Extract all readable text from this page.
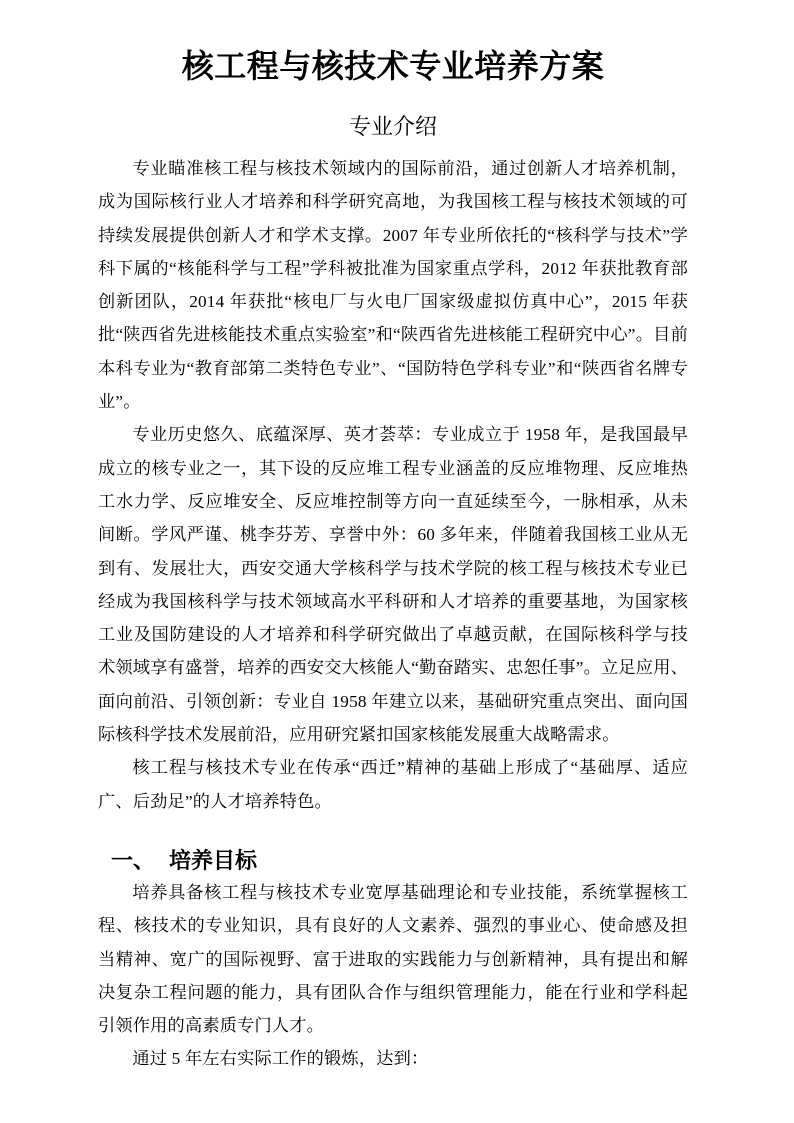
核工程与核技术专业培养方案
专业介绍

专业瞄准核工程与核技术领域内的国际前沿，通过创新人才培养机制，成为国际核行业人才培养和科学研究高地，为我国核工程与核技术领域的可持续发展提供创新人才和学术支撑。2007 年专业所依托的“核科学与技术”学科下属的“核能科学与工程”学科被批准为国家重点学科，2012 年获批教育部创新团队，2014 年获批“核电厂与火电厂国家级虚拟仿真中心”，2015 年获批“陕西省先进核能技术重点实验室”和“陕西省先进核能工程研究中心”。目前本科专业为“教育部第二类特色专业”、“国防特色学科专业”和“陕西省名牌专业”。

专业历史悠久、底蕴深厚、英才荟萃：专业成立于 1958 年，是我国最早成立的核专业之一，其下设的反应堆工程专业涵盖的反应堆物理、反应堆热工水力学、反应堆安全、反应堆控制等方向一直延续至今，一脉相承，从未间断。学风严谨、桃李芬芳、享誉中外：60 多年来，伴随着我国核工业从无到有、发展壮大，西安交通大学核科学与技术学院的核工程与核技术专业已经成为我国核科学与技术领域高水平科研和人才培养的重要基地，为国家核工业及国防建设的人才培养和科学研究做出了卓越贡献，在国际核科学与技术领域享有盛誉，培养的西安交大核能人“勤奋踏实、忠恕任事”。立足应用、面向前沿、引领创新：专业自 1958 年建立以来，基础研究重点突出、面向国际核科学技术发展前沿，应用研究紧扣国家核能发展重大战略需求。

核工程与核技术专业在传承“西迁”精神的基础上形成了“基础厚、适应广、后劲足”的人才培养特色。

一、 培养目标

培养具备核工程与核技术专业宽厚基础理论和专业技能，系统掌握核工程、核技术的专业知识，具有良好的人文素养、强烈的事业心、使命感及担当精神、宽广的国际视野、富于进取的实践能力与创新精神，具有提出和解决复杂工程问题的能力，具有团队合作与组织管理能力，能在行业和学科起引领作用的高素质专门人才。

通过 5 年左右实际工作的锻炼，达到：
